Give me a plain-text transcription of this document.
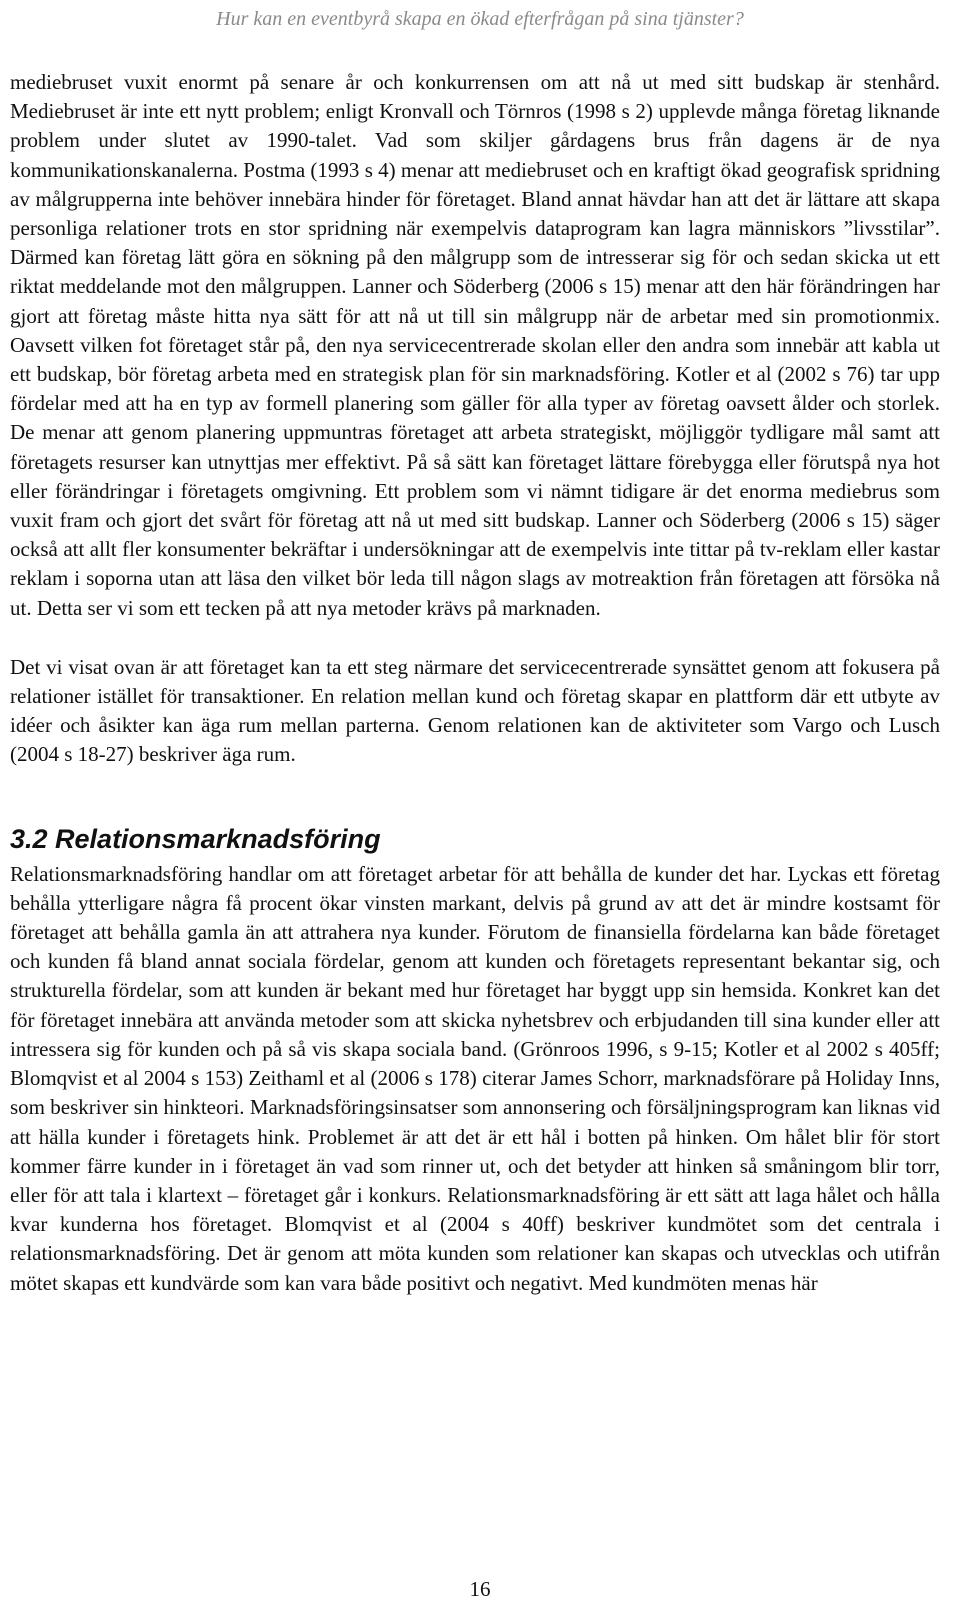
Hur kan en eventbyrå skapa en ökad efterfrågan på sina tjänster?

mediebruset vuxit enormt på senare år och konkurrensen om att nå ut med sitt budskap är stenhård. Mediebruset är inte ett nytt problem; enligt Kronvall och Törnros (1998 s 2) upplevde många företag liknande problem under slutet av 1990-talet. Vad som skiljer gårdagens brus från dagens är de nya kommunikationskanalerna. Postma (1993 s 4) menar att mediebruset och en kraftigt ökad geografisk spridning av målgrupperna inte behöver innebära hinder för företaget. Bland annat hävdar han att det är lättare att skapa personliga relationer trots en stor spridning när exempelvis dataprogram kan lagra människors ”livsstilar”. Därmed kan företag lätt göra en sökning på den målgrupp som de intresserar sig för och sedan skicka ut ett riktat meddelande mot den målgruppen. Lanner och Söderberg (2006 s 15) menar att den här förändringen har gjort att företag måste hitta nya sätt för att nå ut till sin målgrupp när de arbetar med sin promotionmix. Oavsett vilken fot företaget står på, den nya servicecentrerade skolan eller den andra som innebär att kabla ut ett budskap, bör företag arbeta med en strategisk plan för sin marknadsföring. Kotler et al (2002 s 76) tar upp fördelar med att ha en typ av formell planering som gäller för alla typer av företag oavsett ålder och storlek. De menar att genom planering uppmuntras företaget att arbeta strategiskt, möjliggör tydligare mål samt att företagets resurser kan utnyttjas mer effektivt. På så sätt kan företaget lättare förebygga eller förutspå nya hot eller förändringar i företagets omgivning. Ett problem som vi nämnt tidigare är det enorma mediebrus som vuxit fram och gjort det svårt för företag att nå ut med sitt budskap. Lanner och Söderberg (2006 s 15) säger också att allt fler konsumenter bekräftar i undersökningar att de exempelvis inte tittar på tv-reklam eller kastar reklam i soporna utan att läsa den vilket bör leda till någon slags av motreaktion från företagen att försöka nå ut. Detta ser vi som ett tecken på att nya metoder krävs på marknaden.

Det vi visat ovan är att företaget kan ta ett steg närmare det servicecentrerade synsättet genom att fokusera på relationer istället för transaktioner. En relation mellan kund och företag skapar en plattform där ett utbyte av idéer och åsikter kan äga rum mellan parterna. Genom relationen kan de aktiviteter som Vargo och Lusch (2004 s 18-27) beskriver äga rum.

3.2 Relationsmarknadsföring

Relationsmarknadsföring handlar om att företaget arbetar för att behålla de kunder det har. Lyckas ett företag behålla ytterligare några få procent ökar vinsten markant, delvis på grund av att det är mindre kostsamt för företaget att behålla gamla än att attrahera nya kunder. Förutom de finansiella fördelarna kan både företaget och kunden få bland annat sociala fördelar, genom att kunden och företagets representant bekantar sig, och strukturella fördelar, som att kunden är bekant med hur företaget har byggt upp sin hemsida. Konkret kan det för företaget innebära att använda metoder som att skicka nyhetsbrev och erbjudanden till sina kunder eller att intressera sig för kunden och på så vis skapa sociala band. (Grönroos 1996, s 9-15; Kotler et al 2002 s 405ff; Blomqvist et al 2004 s 153) Zeithaml et al (2006 s 178) citerar James Schorr, marknadsförare på Holiday Inns, som beskriver sin hinkteori. Marknadsföringsinsatser som annonsering och försäljningsprogram kan liknas vid att hälla kunder i företagets hink. Problemet är att det är ett hål i botten på hinken. Om hålet blir för stort kommer färre kunder in i företaget än vad som rinner ut, och det betyder att hinken så småningom blir torr, eller för att tala i klartext – företaget går i konkurs. Relationsmarknadsföring är ett sätt att laga hålet och hålla kvar kunderna hos företaget. Blomqvist et al (2004 s 40ff) beskriver kundmötet som det centrala i relationsmarknadsföring. Det är genom att möta kunden som relationer kan skapas och utvecklas och utifrån mötet skapas ett kundvärde som kan vara både positivt och negativt. Med kundmöten menas här

16
